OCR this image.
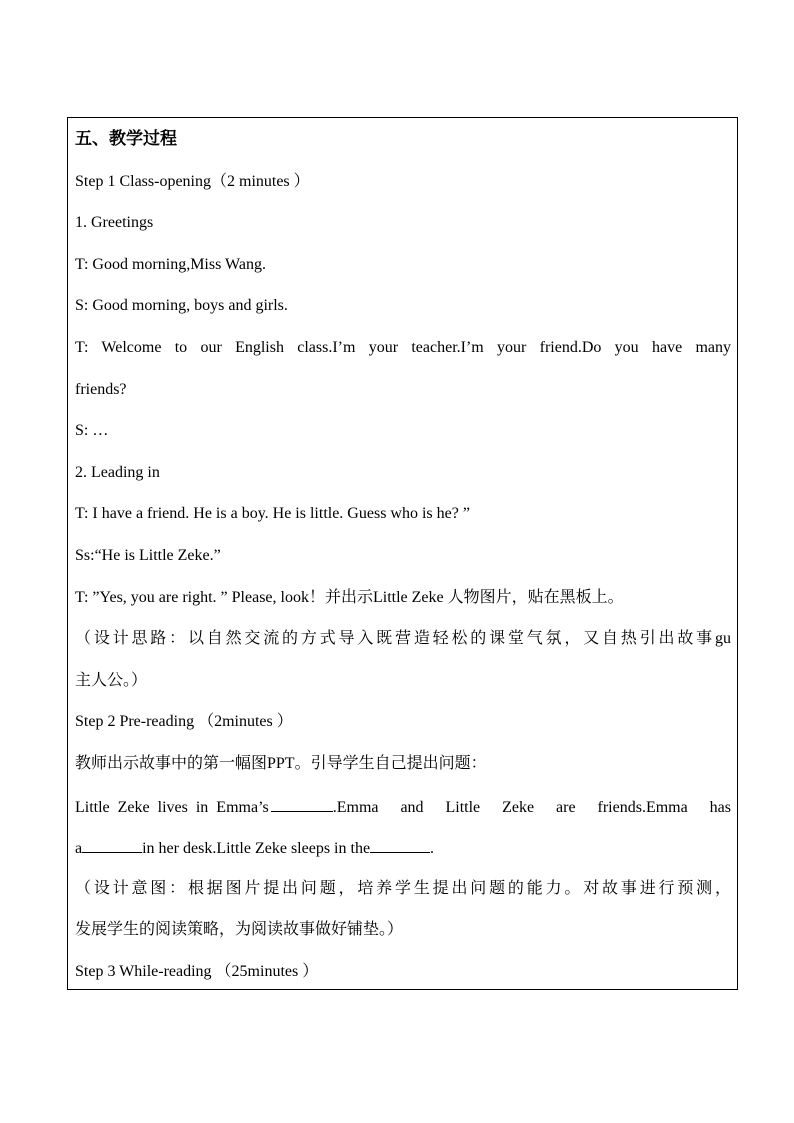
五、教学过程
Step 1 Class-opening（2 minutes ）
1. Greetings
T: Good morning,Miss Wang.
S: Good morning, boys and girls.
T: Welcome to our English class.I’m your teacher.I’m your friend.Do you have many
friends?
S: …
2. Leading in
T: I have a friend. He is a boy. He is little. Guess who is he? ”
Ss:“He is Little Zeke.”
T: ”Yes, you are right. ” Please, look！并出示Little Zeke 人物图片，贴在黑板上。
（设计思路：以自然交流的方式导入既营造轻松的课堂气氛，又自热引出故事gu
主人公。）
Step 2 Pre-reading （2minutes ）
教师出示故事中的第一幅图PPT。引导学生自己提出问题：
Little  Zeke  lives  in  Emma’s	.Emma  and  Little  Zeke  are  friends.Emma  has
a	in her desk.Little Zeke sleeps in the	.
（设计意图：根据图片提出问题，培养学生提出问题的能力。对故事进行预测，
发展学生的阅读策略，为阅读故事做好铺垫。）
Step 3 While-reading （25minutes ）
